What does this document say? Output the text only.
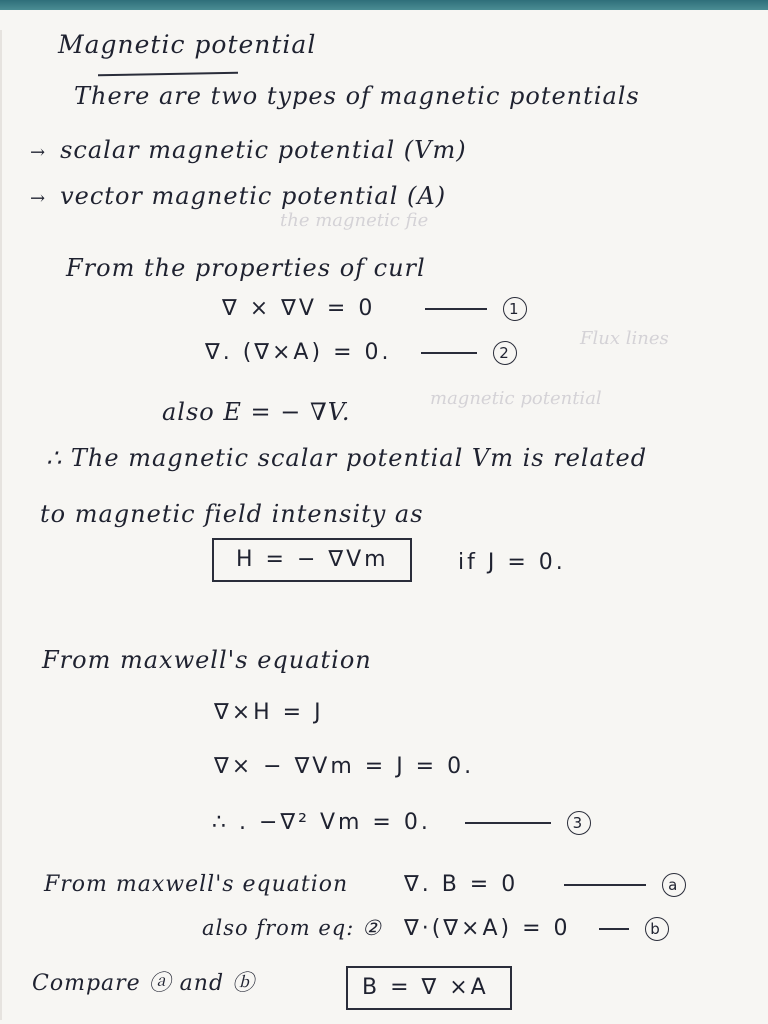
the magnetic fie
Flux lines
magnetic potential
Magnetic potential
There are two types of magnetic potentials
→ scalar magnetic potential (Vm)
→ vector magnetic potential (A)
From the properties of curl
∇ × ∇V = 0	1
∇. (∇×A) = 0.	2
also E = − ∇V.
∴ The magnetic scalar potential Vm is related
to magnetic field intensity as
H = − ∇Vm	if J = 0.
From maxwell's equation
∇×H = J
∇× − ∇Vm = J = 0.
∴ . −∇² Vm = 0.	3
From maxwell's equation	∇. B = 0	a
also from eq: ② ∇·(∇×A) = 0	b
Compare ⓐ and ⓑ	B = ∇ ×A
